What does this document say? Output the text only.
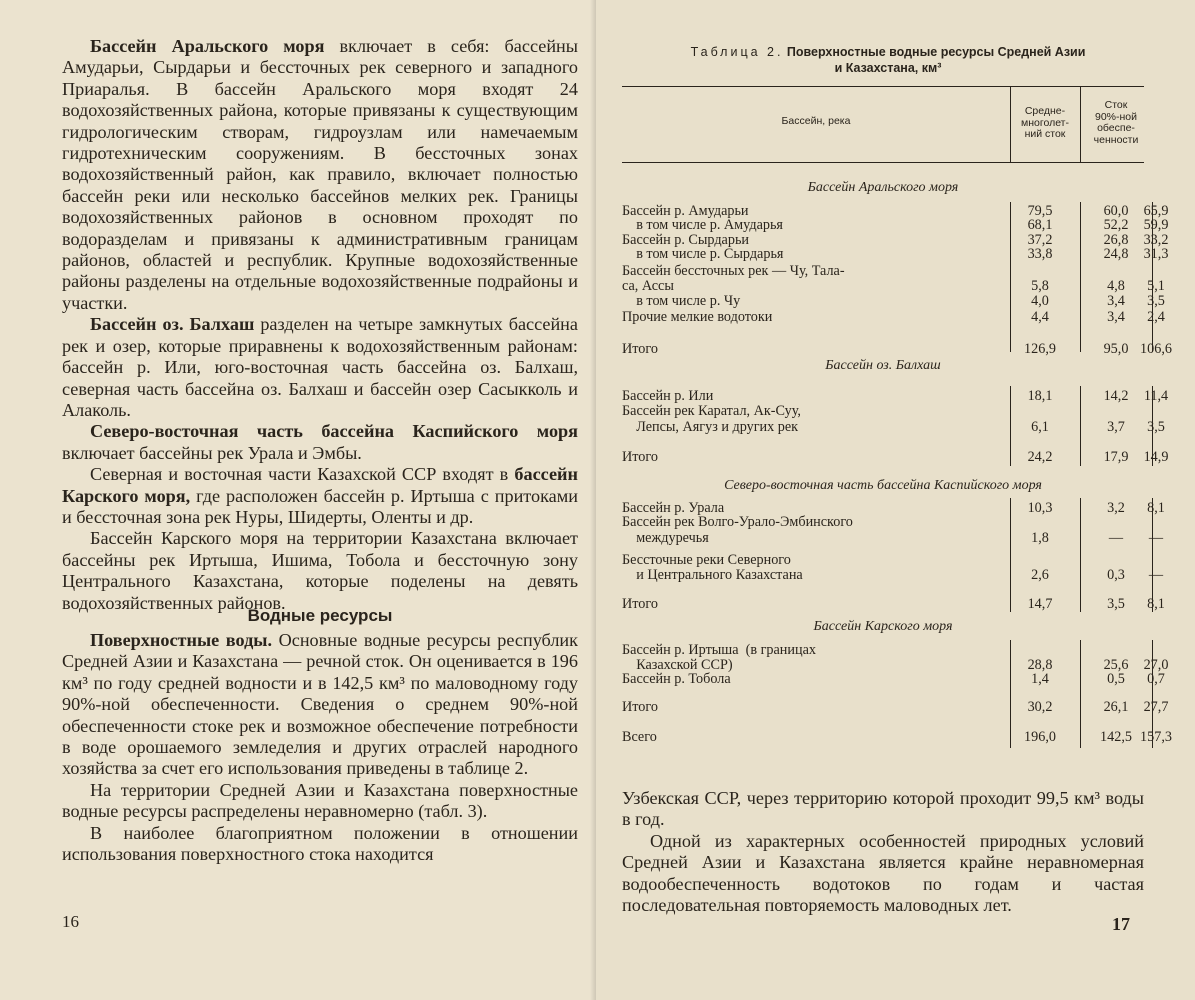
Бассейн Аральского моря включает в себя: бассейны Амударьи, Сырдарьи и бессточных рек северного и западного Приаралья. В бассейн Аральского моря входят 24 водохозяйственных района, которые привязаны к существующим гидрологическим створам, гидроузлам или намечаемым гидротехническим сооружениям. В бессточных зонах водохозяйственный район, как правило, включает полностью бассейн реки или несколько бассейнов мелких рек. Границы водохозяйственных районов в основном проходят по водоразделам и привязаны к административным границам районов, областей и республик. Крупные водохозяйственные районы разделены на отдельные водохозяйственные подрайоны и участки.

Бассейн оз. Балхаш разделен на четыре замкнутых бассейна рек и озер, которые приравнены к водохозяйственным районам: бассейн р. Или, юго-восточная часть бассейна оз. Балхаш, северная часть бассейна оз. Балхаш и бассейн озер Сасыкколь и Алаколь.

Северо-восточная часть бассейна Каспийского моря включает бассейны рек Урала и Эмбы.

Северная и восточная части Казахской ССР входят в бассейн Карского моря, где расположен бассейн р. Иртыша с притоками и бессточная зона рек Нуры, Шидерты, Оленты и др.

Бассейн Карского моря на территории Казахстана включает бассейны рек Иртыша, Ишима, Тобола и бессточную зону Центрального Казахстана, которые поделены на девять водохозяйственных районов.

Водные ресурсы

Поверхностные воды. Основные водные ресурсы республик Средней Азии и Казахстана — речной сток. Он оценивается в 196 км³ по году средней водности и в 142,5 км³ по маловодному году 90%-ной обеспеченности. Сведения о среднем 90%-ной обеспеченности стоке рек и возможное обеспечение потребности в воде орошаемого земледелия и других отраслей народного хозяйства за счет его использования приведены в таблице 2.

На территории Средней Азии и Казахстана поверхностные водные ресурсы распределены неравномерно (табл. 3).

В наиболее благоприятном положении в отношении использования поверхностного стока находится

16
Таблица 2. Поверхностные водные ресурсы Средней Азии
и Казахстана, км³
Бассейн, река
Средне-
многолет-
ний сток
Сток
90%-ной
обеспе-
ченности
Бассейн Аральского моря
Бассейн оз. Балхаш
Северо-восточная часть бассейна Каспийского моря
Бассейн Карского моря
Бассейн р. Амударьи	79,5	60,0	65,9
в том числе р. Амударья	68,1	52,2	59,9
Бассейн р. Сырдарьи	37,2	26,8	33,2
в том числе р. Сырдарья	33,8	24,8	31,3
Бассейн бессточных рек — Чу, Тала-
са, Ассы	5,8	4,8	5,1
в том числе р. Чу	4,0	3,4	3,5
Прочие мелкие водотоки	4,4	3,4	2,4
Итого	126,9	95,0 106,6
Бассейн р. Или	18,1	14,2	11,4
Бассейн рек Каратал, Ак-Суу,
Лепсы, Аягуз и других рек	6,1	3,7	3,5
Итого	24,2	17,9	14,9
Бассейн р. Урала	10,3	3,2	8,1
Бассейн рек Волго-Урало-Эмбинского
междуречья	1,8	—	—
Бессточные реки Северного
и Центрального Казахстана	2,6	0,3	—
Итого	14,7	3,5	8,1
Бассейн р. Иртыша  (в границах
Казахской ССР)	28,8	25,6	27,0
Бассейн р. Тобола	1,4	0,5	0,7
Итого	30,2	26,1	27,7
Всего	196,0	142,5 157,3

Узбекская ССР, через территорию которой проходит 99,5 км³ воды в год.

Одной из характерных особенностей природных условий Средней Азии и Казахстана является крайне неравномерная водообеспеченность водотоков по годам и частая последовательная повторяемость маловодных лет.

17
